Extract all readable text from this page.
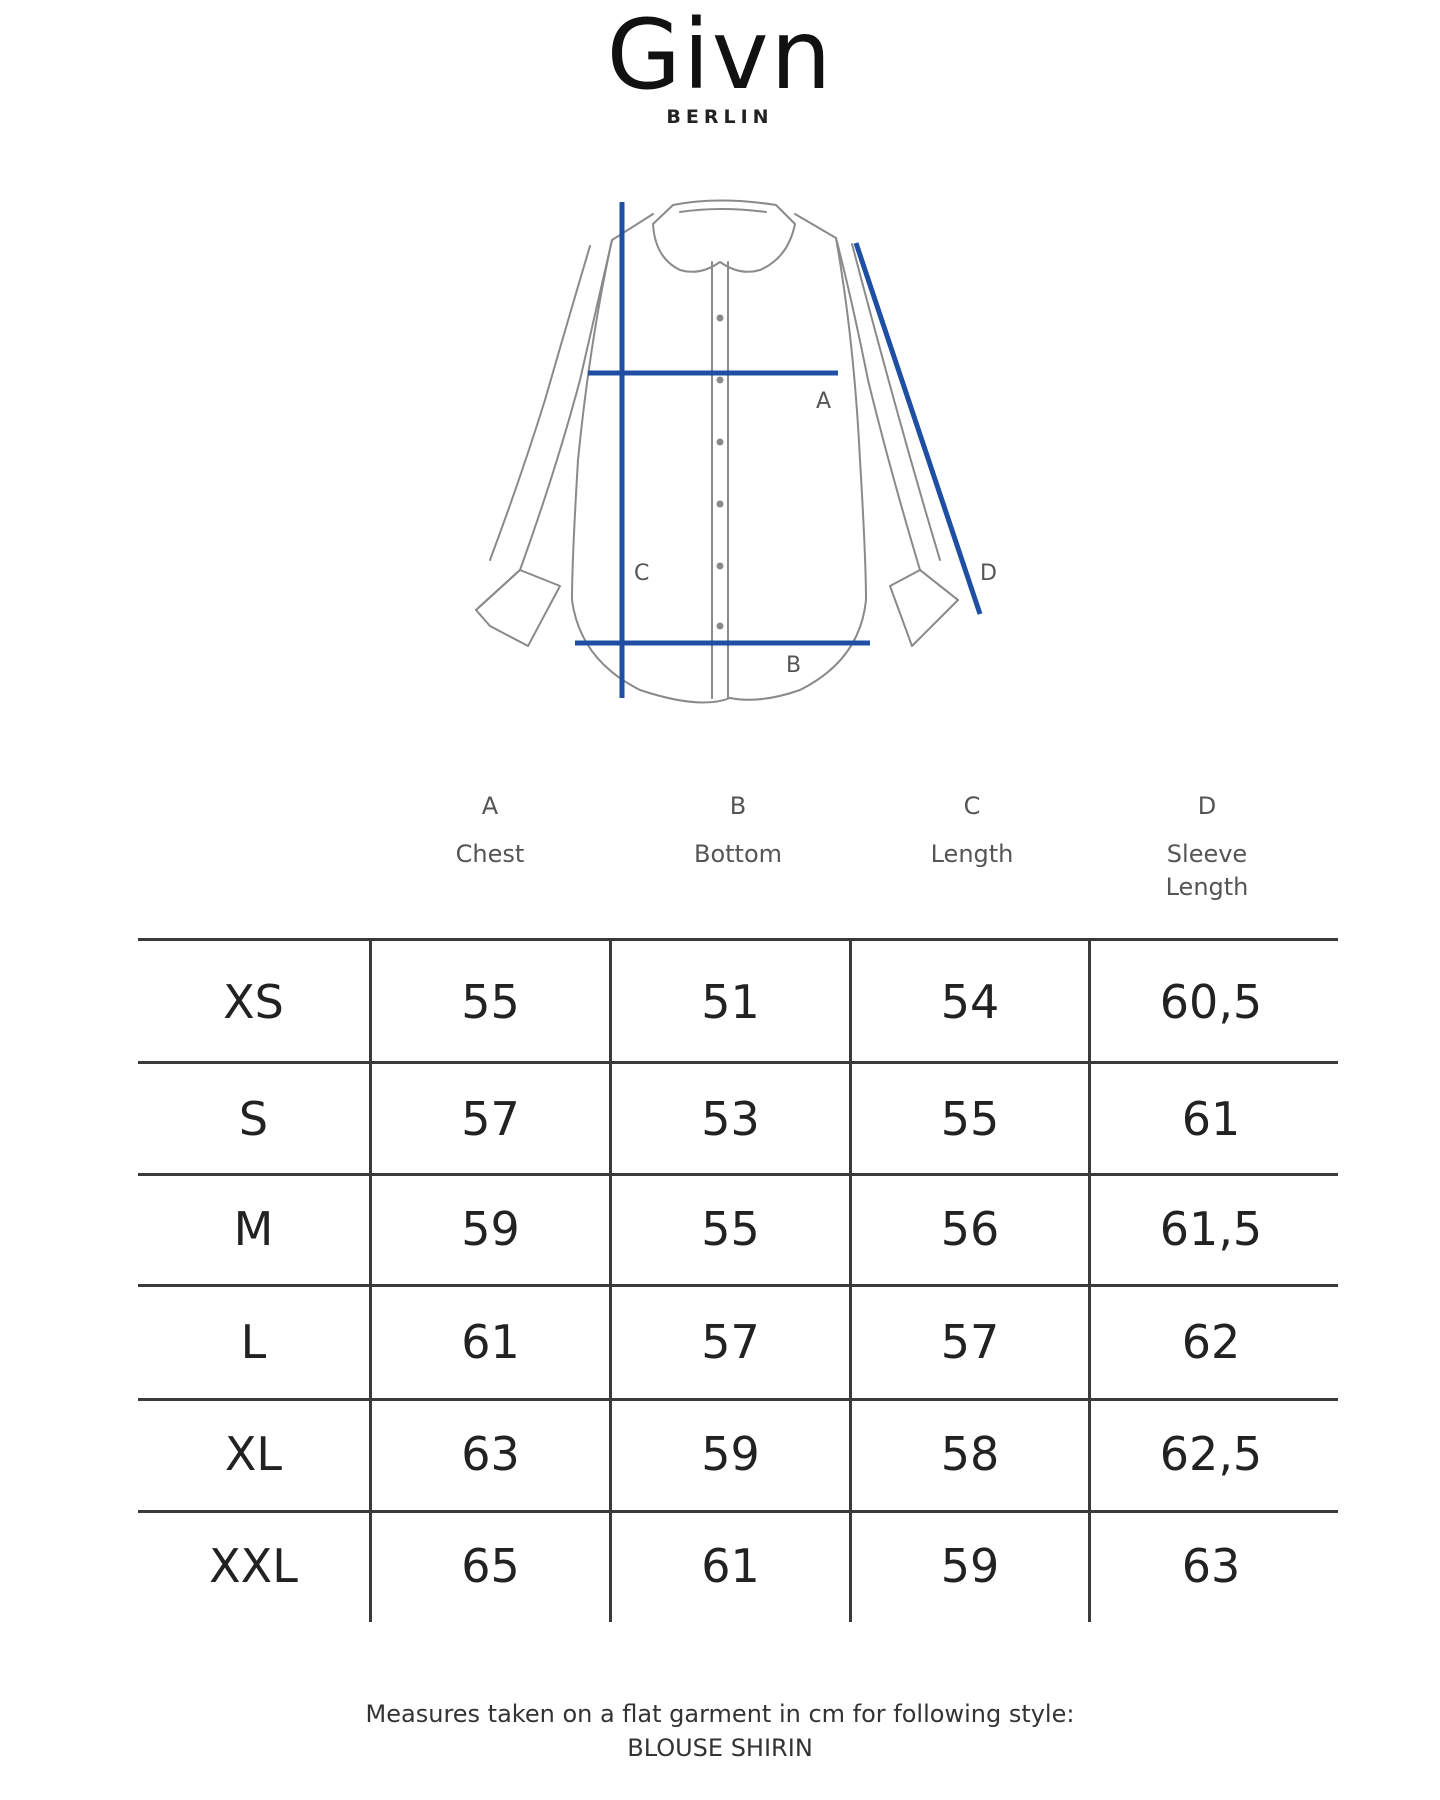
Givn
BERLIN
A
C
B
D
A
Chest
B
Bottom
C
Length
D
Sleeve
Length
XS	55	51	54	60,5
S	57	53	55	61
M	59	55	56	61,5
L	61	57	57	62
XL	63	59	58	62,5
XXL	65	61	59	63
Measures taken on a flat garment in cm for following style:
BLOUSE SHIRIN
